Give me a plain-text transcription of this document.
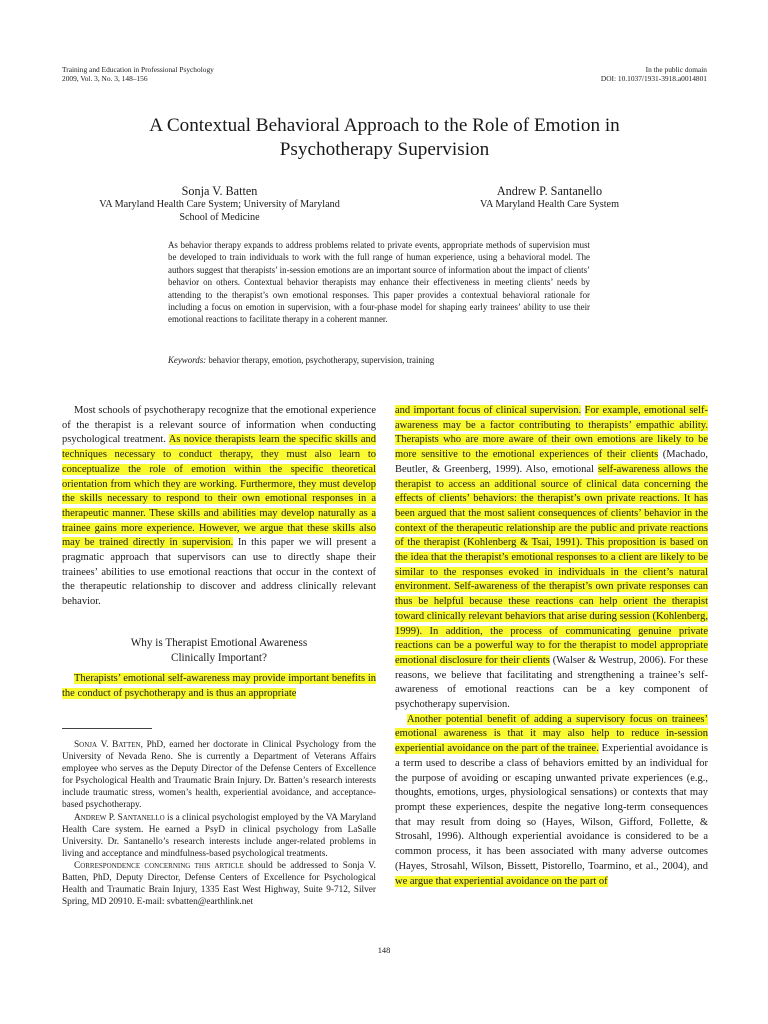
Training and Education in Professional Psychology
2009, Vol. 3, No. 3, 148–156
In the public domain
DOI: 10.1037/1931-3918.a0014801
A Contextual Behavioral Approach to the Role of Emotion in
Psychotherapy Supervision
Sonja V. Batten
VA Maryland Health Care System; University of Maryland
School of Medicine
Andrew P. Santanello
VA Maryland Health Care System
As behavior therapy expands to address problems related to private events, appropriate methods of supervision must be developed to train individuals to work with the full range of human experience, using a behavioral model. The authors suggest that therapists’ in-session emotions are an important source of information about the impact of clients’ behavior on others. Contextual behavior therapists may enhance their effectiveness in meeting clients’ needs by attending to the therapist’s own emotional responses. This paper provides a contextual behavioral rationale for including a focus on emotion in supervision, with a four-phase model for shaping early trainees’ ability to use their emotional reactions to facilitate therapy in a coherent manner.
Keywords: behavior therapy, emotion, psychotherapy, supervision, training

Most schools of psychotherapy recognize that the emotional experience of the therapist is a relevant source of information when conducting psychological treatment. As novice therapists learn the specific skills and techniques necessary to conduct therapy, they must also learn to conceptualize the role of emotion within the specific theoretical orientation from which they are working. Furthermore, they must develop the skills necessary to respond to their own emotional responses in a therapeutic manner. These skills and abilities may develop naturally as a trainee gains more experience. However, we argue that these skills also may be trained directly in supervision. In this paper we will present a pragmatic approach that supervisors can use to directly shape their trainees’ abilities to use emotional reactions that occur in the context of the therapeutic relationship to discover and address clinically relevant behavior.

Why is Therapist Emotional Awareness
Clinically Important?

Therapists’ emotional self-awareness may provide important benefits in the conduct of psychotherapy and is thus an appropriate

Sonja V. Batten, PhD, earned her doctorate in Clinical Psychology from the University of Nevada Reno. She is currently a Department of Veterans Affairs employee who serves as the Deputy Director of the Defense Centers of Excellence for Psychological Health and Traumatic Brain Injury. Dr. Batten’s research interests include traumatic stress, women’s health, experiential avoidance, and acceptance-based psychotherapy.

Andrew P. Santanello is a clinical psychologist employed by the VA Maryland Health Care system. He earned a PsyD in clinical psychology from LaSalle University. Dr. Santanello’s research interests include anger-related problems in living and acceptance and mindfulness-based psychological treatments.

Correspondence concerning this article should be addressed to Sonja V. Batten, PhD, Deputy Director, Defense Centers of Excellence for Psychological Health and Traumatic Brain Injury, 1335 East West Highway, Suite 9-712, Silver Spring, MD 20910. E-mail: svbatten@earthlink.net

and important focus of clinical supervision. For example, emotional self-awareness may be a factor contributing to therapists’ empathic ability. Therapists who are more aware of their own emotions are likely to be more sensitive to the emotional experiences of their clients (Machado, Beutler, & Greenberg, 1999). Also, emotional self-awareness allows the therapist to access an additional source of clinical data concerning the effects of clients’ behaviors: the therapist’s own private reactions. It has been argued that the most salient consequences of clients’ behavior in the context of the therapeutic relationship are the public and private reactions of the therapist (Kohlenberg & Tsai, 1991). This proposition is based on the idea that the therapist’s emotional responses to a client are likely to be similar to the responses evoked in individuals in the client’s natural environment. Self-awareness of the therapist’s own private responses can thus be helpful because these reactions can help orient the therapist toward clinically relevant behaviors that arise during session (Kohlenberg, 1999). In addition, the process of communicating genuine private reactions can be a powerful way to for the therapist to model appropriate emotional disclosure for their clients (Walser & Westrup, 2006). For these reasons, we believe that facilitating and strengthening a trainee’s self-awareness of emotional reactions can be a key component of psychotherapy supervision.

Another potential benefit of adding a supervisory focus on trainees’ emotional awareness is that it may also help to reduce in-session experiential avoidance on the part of the trainee. Experiential avoidance is a term used to describe a class of behaviors emitted by an individual for the purpose of avoiding or escaping unwanted private experiences (e.g., thoughts, emotions, urges, physiological sensations) or contexts that may prompt these experiences, despite the negative long-term consequences that may result from doing so (Hayes, Wilson, Gifford, Follette, & Strosahl, 1996). Although experiential avoidance is considered to be a common process, it has been associated with many adverse outcomes (Hayes, Strosahl, Wilson, Bissett, Pistorello, Toarmino, et al., 2004), and we argue that experiential avoidance on the part of

148
